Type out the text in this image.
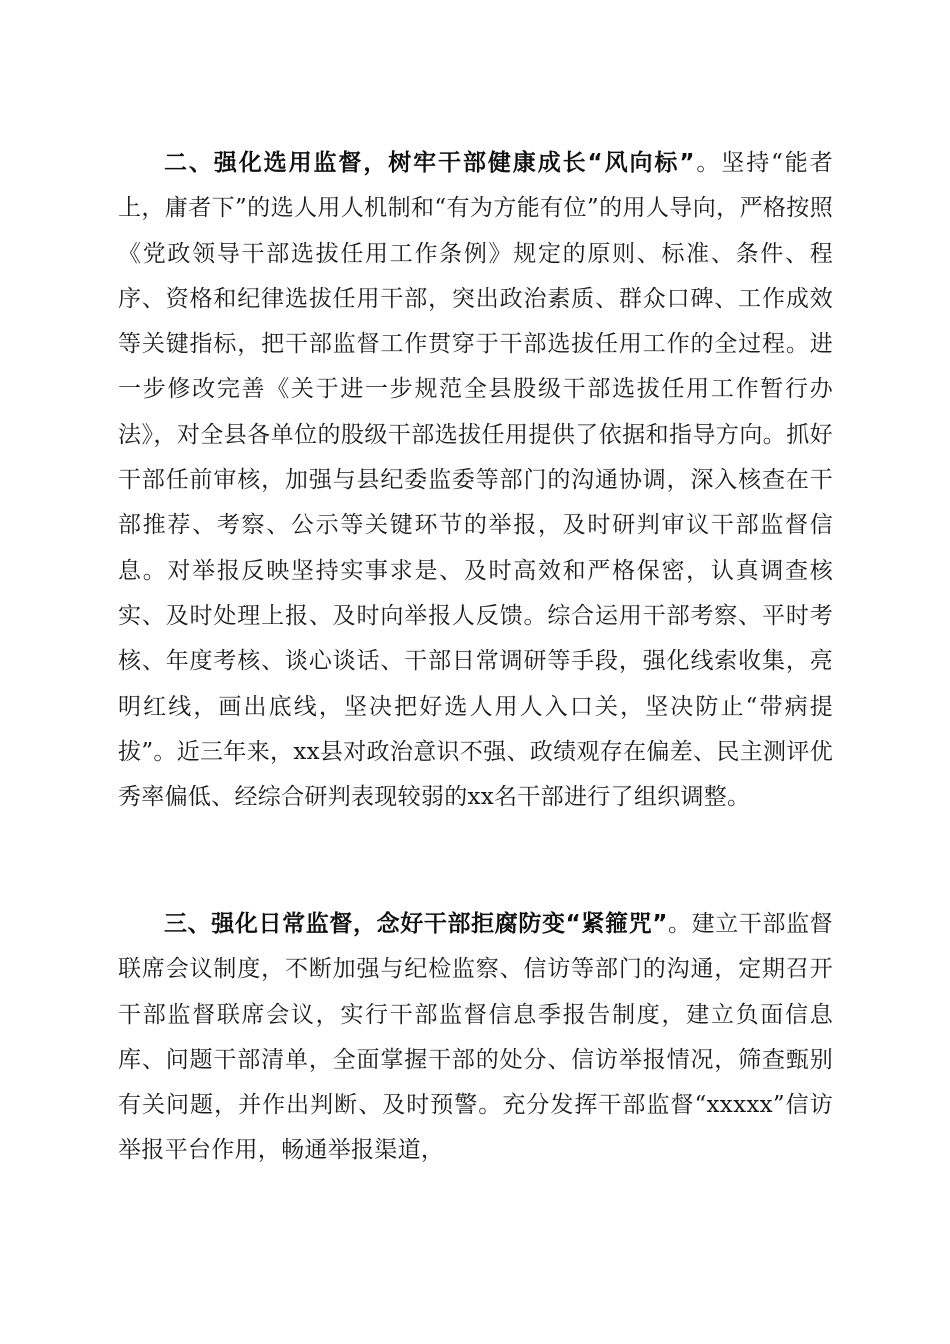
二、强化选用监督，树牢干部健康成长“风向标”。坚持“能者上，庸者下”的选人用人机制和“有为方能有位”的用人导向，严格按照《党政领导干部选拔任用工作条例》规定的原则、标准、条件、程序、资格和纪律选拔任用干部，突出政治素质、群众口碑、工作成效等关键指标，把干部监督工作贯穿于干部选拔任用工作的全过程。进一步修改完善《关于进一步规范全县股级干部选拔任用工作暂行办法》，对全县各单位的股级干部选拔任用提供了依据和指导方向。抓好干部任前审核，加强与县纪委监委等部门的沟通协调，深入核查在干部推荐、考察、公示等关键环节的举报，及时研判审议干部监督信息。对举报反映坚持实事求是、及时高效和严格保密，认真调查核实、及时处理上报、及时向举报人反馈。综合运用干部考察、平时考核、年度考核、谈心谈话、干部日常调研等手段，强化线索收集，亮明红线，画出底线，坚决把好选人用人入口关，坚决防止“带病提拔”。近三年来，xx县对政治意识不强、政绩观存在偏差、民主测评优秀率偏低、经综合研判表现较弱的xx名干部进行了组织调整。

三、强化日常监督，念好干部拒腐防变“紧箍咒”。建立干部监督联席会议制度，不断加强与纪检监察、信访等部门的沟通，定期召开干部监督联席会议，实行干部监督信息季报告制度，建立负面信息库、问题干部清单，全面掌握干部的处分、信访举报情况，筛查甄别有关问题，并作出判断、及时预警。充分发挥干部监督“xxxxx”信访举报平台作用，畅通举报渠道，
